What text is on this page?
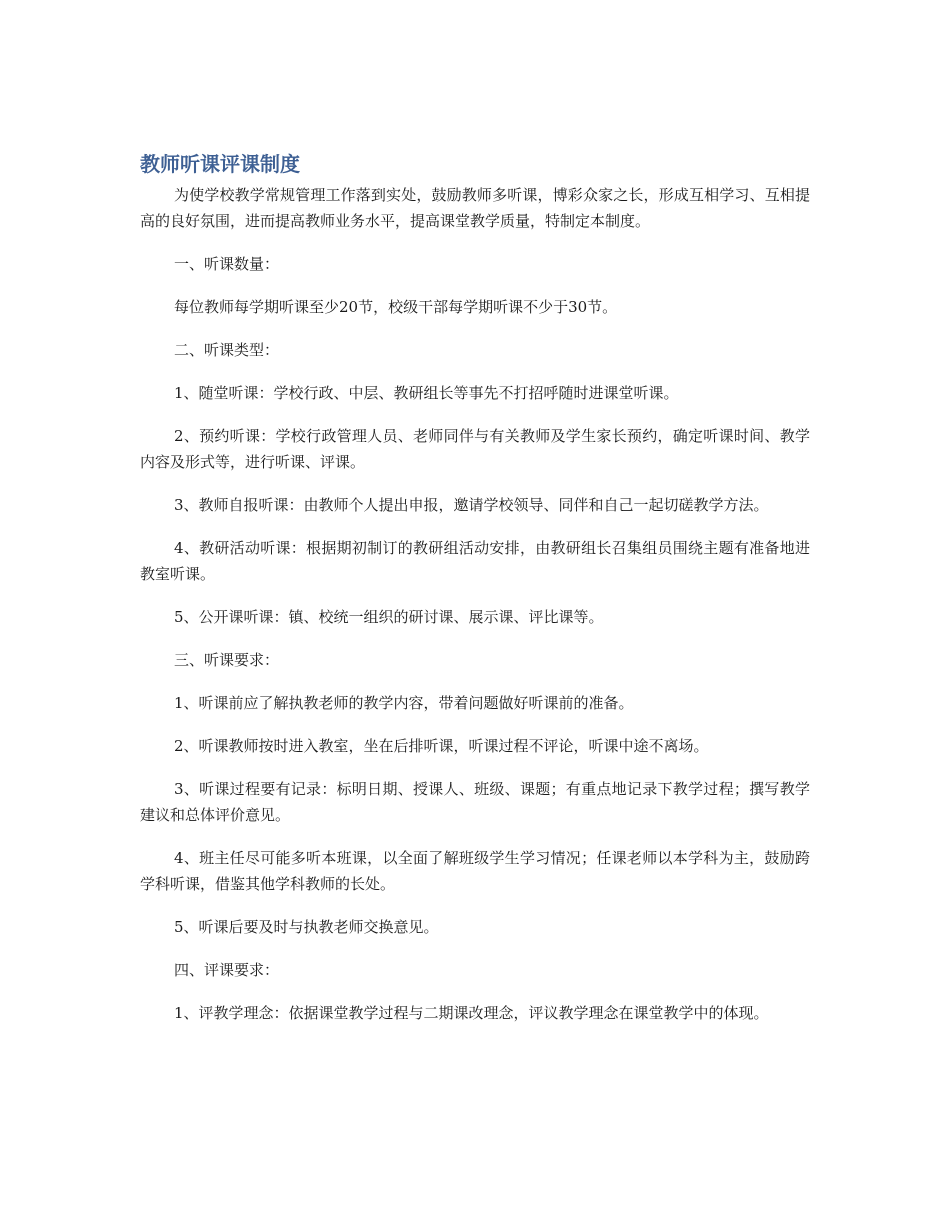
教师听课评课制度

为使学校教学常规管理工作落到实处，鼓励教师多听课，博彩众家之长，形成互相学习、互相提高的良好氛围，进而提高教师业务水平，提高课堂教学质量，特制定本制度。

一、听课数量：

每位教师每学期听课至少20节，校级干部每学期听课不少于30节。

二、听课类型：

1、随堂听课：学校行政、中层、教研组长等事先不打招呼随时进课堂听课。

2、预约听课：学校行政管理人员、老师同伴与有关教师及学生家长预约，确定听课时间、教学内容及形式等，进行听课、评课。

3、教师自报听课：由教师个人提出申报，邀请学校领导、同伴和自己一起切磋教学方法。

4、教研活动听课：根据期初制订的教研组活动安排，由教研组长召集组员围绕主题有准备地进教室听课。

5、公开课听课：镇、校统一组织的研讨课、展示课、评比课等。

三、听课要求：

1、听课前应了解执教老师的教学内容，带着问题做好听课前的准备。

2、听课教师按时进入教室，坐在后排听课，听课过程不评论，听课中途不离场。

3、听课过程要有记录：标明日期、授课人、班级、课题；有重点地记录下教学过程；撰写教学建议和总体评价意见。

4、班主任尽可能多听本班课，以全面了解班级学生学习情况；任课老师以本学科为主，鼓励跨学科听课，借鉴其他学科教师的长处。

5、听课后要及时与执教老师交换意见。

四、评课要求：

1、评教学理念：依据课堂教学过程与二期课改理念，评议教学理念在课堂教学中的体现。
